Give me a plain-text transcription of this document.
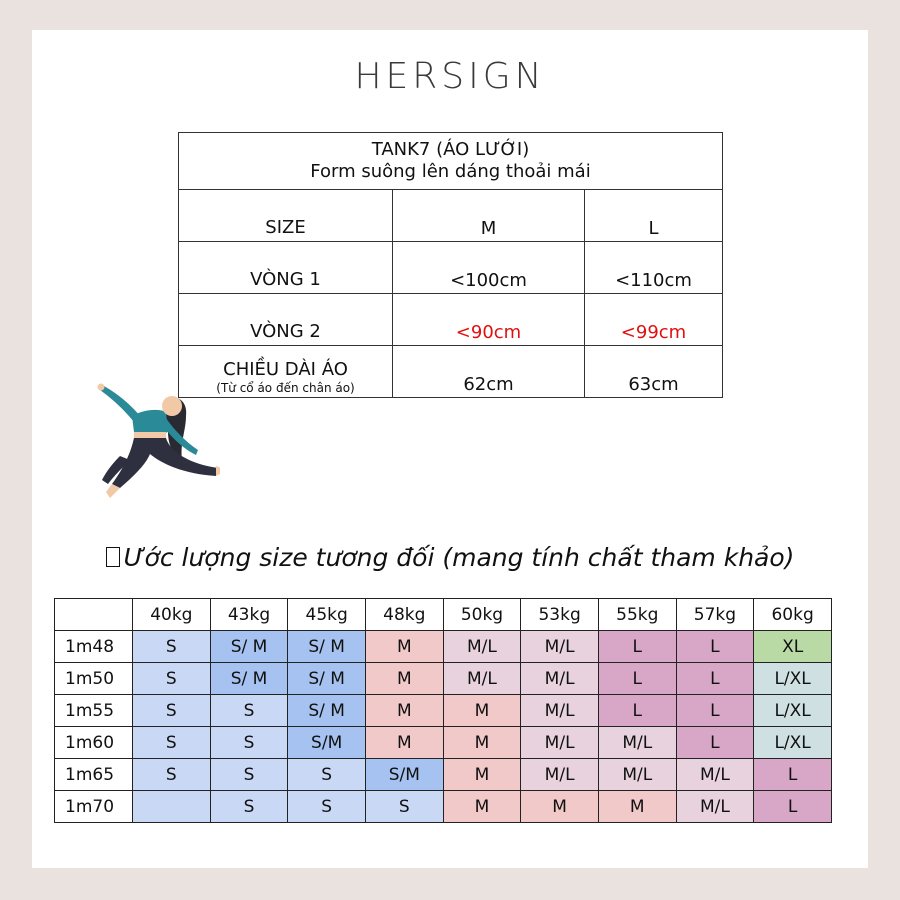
HERSIGN
TANK7 (ÁO LƯỚI)
Form suông lên dáng thoải mái		

SIZE	M	L
VÒNG 1	<100cm	<110cm
VÒNG 2	<90cm	<99cm
CHIỀU DÀI ÁO
(Từ cổ áo đến chân áo)	62cm	63cm
Ước lượng size tương đối (mang tính chất tham khảo)
	40kg	43kg	45kg	48kg	50kg	53kg	55kg	57kg	60kg
1m48	S	S/ M	S/ M	M	M/L	M/L	L	L	XL
1m50	S	S/ M	S/ M	M	M/L	M/L	L	L	L/XL
1m55	S	S	S/ M	M	M	M/L	L	L	L/XL
1m60	S	S	S/M	M	M	M/L	M/L	L	L/XL
1m65	S	S	S	S/M	M	M/L	M/L	M/L	L
1m70		S	S	S	M	M	M	M/L	L
